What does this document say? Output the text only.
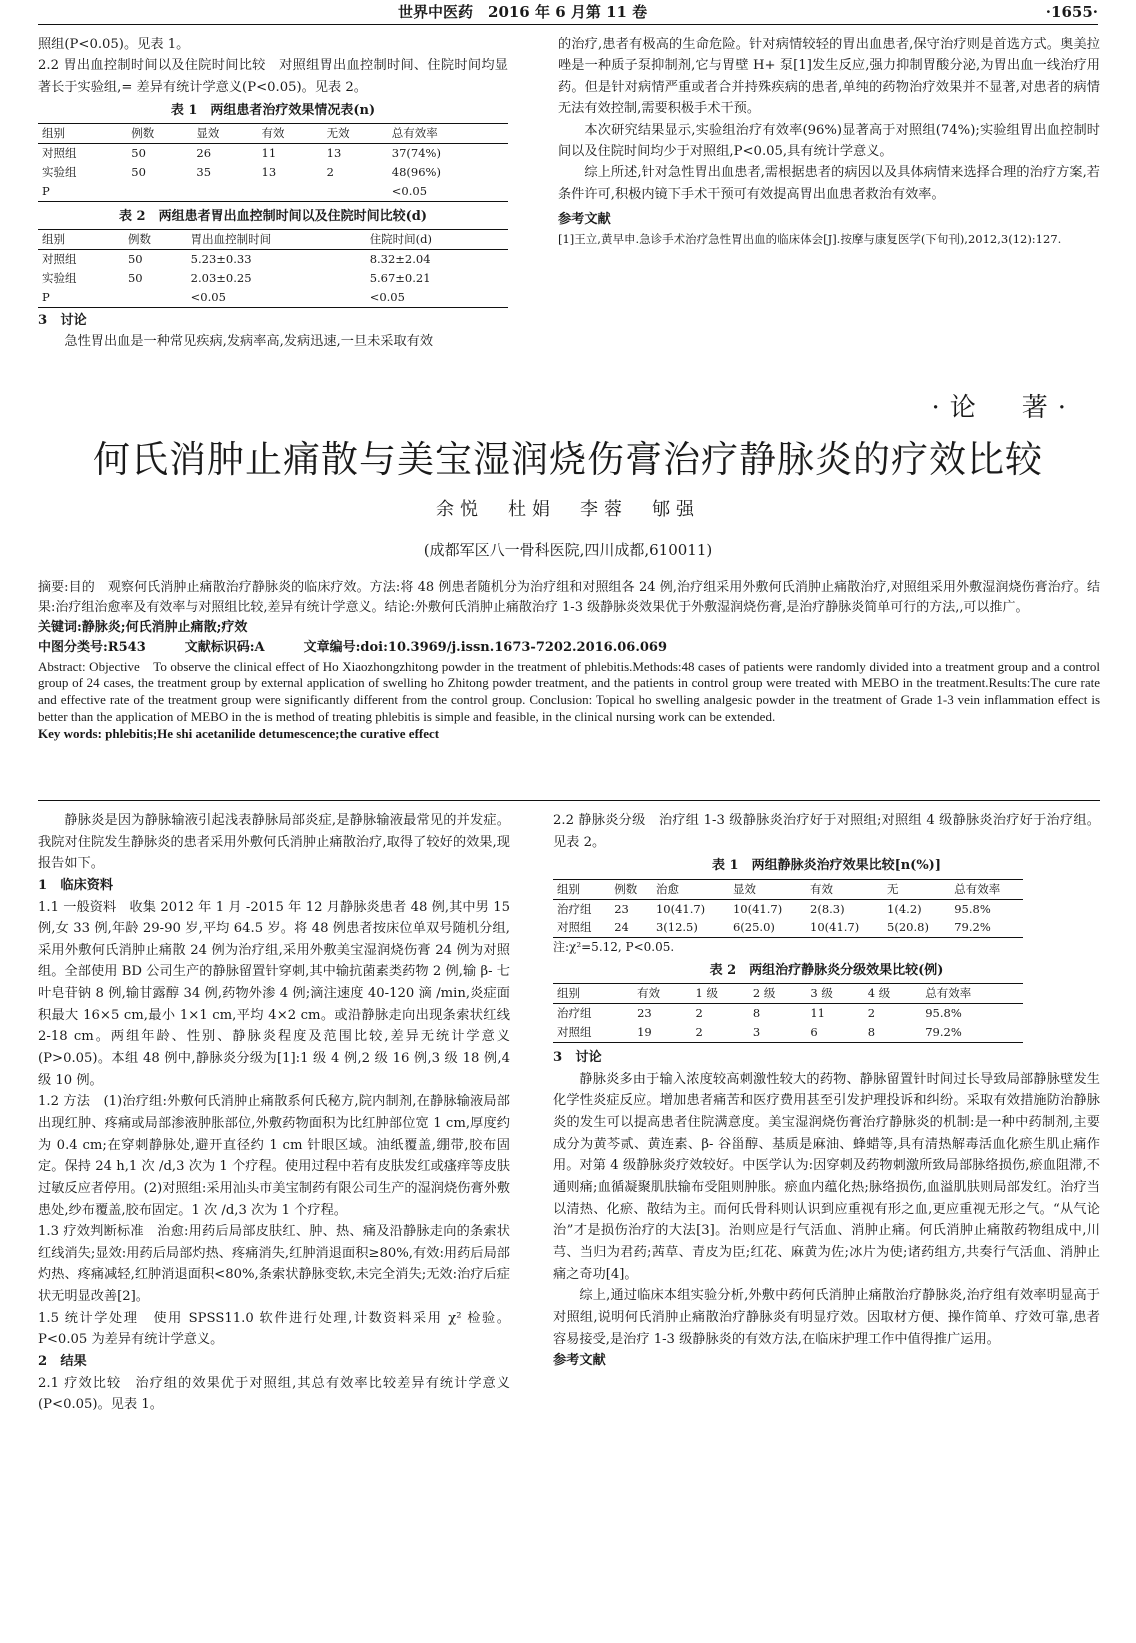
世界中医药　2016 年 6 月第 11 卷	·1655·

照组(P<0.05)。见表 1。

2.2 胃出血控制时间以及住院时间比较　对照组胃出血控制时间、住院时间均显著长于实验组,= 差异有统计学意义(P<0.05)。见表 2。

表 1　两组患者治疗效果情况表(n)
组别	例数	显效	有效	无效	总有效率
对照组	50	26	11	13	37(74%)
实验组	50	35	13	2	48(96%)
P					<0.05
表 2　两组患者胃出血控制时间以及住院时间比较(d)
组别	例数	胃出血控制时间	住院时间(d)
对照组	50	5.23±0.33	8.32±2.04
实验组	50	2.03±0.25	5.67±0.21
P		<0.05	<0.05

3　讨论

急性胃出血是一种常见疾病,发病率高,发病迅速,一旦未采取有效

的治疗,患者有极高的生命危险。针对病情较轻的胃出血患者,保守治疗则是首选方式。奥美拉唑是一种质子泵抑制剂,它与胃壁 H+ 泵[1]发生反应,强力抑制胃酸分泌,为胃出血一线治疗用药。但是针对病情严重或者合并持殊疾病的患者,单纯的药物治疗效果并不显著,对患者的病情无法有效控制,需要积极手术干预。

本次研究结果显示,实验组治疗有效率(96%)显著高于对照组(74%);实验组胃出血控制时间以及住院时间均少于对照组,P<0.05,具有统计学意义。

综上所述,针对急性胃出血患者,需根据患者的病因以及具体病情来选择合理的治疗方案,若条件许可,积极内镜下手术干预可有效提高胃出血患者救治有效率。

参考文献

[1]王立,黄早申.急诊手术治疗急性胃出血的临床体会[J].按摩与康复医学(下旬刊),2012,3(12):127.

·论　著·
何氏消肿止痛散与美宝湿润烧伤膏治疗静脉炎的疗效比较
余悦　杜娟　李蓉　郇强
(成都军区八一骨科医院,四川成都,610011)

摘要:目的　观察何氏消肿止痛散治疗静脉炎的临床疗效。方法:将 48 例患者随机分为治疗组和对照组各 24 例,治疗组采用外敷何氏消肿止痛散治疗,对照组采用外敷湿润烧伤膏治疗。结果:治疗组治愈率及有效率与对照组比较,差异有统计学意义。结论:外敷何氏消肿止痛散治疗 1-3 级静脉炎效果优于外敷湿润烧伤膏,是治疗静脉炎简单可行的方法,,可以推广。

关键词:静脉炎;何氏消肿止痛散;疗效

中图分类号:R543　　　文献标识码:A　　　文章编号:doi:10.3969/j.issn.1673-7202.2016.06.069

Abstract: Objective　To observe the clinical effect of Ho Xiaozhongzhitong powder in the treatment of phlebitis.Methods:48 cases of patients were randomly divided into a treatment group and a control group of 24 cases, the treatment group by external application of swelling ho Zhitong powder treatment, and the patients in control group were treated with MEBO in the treatment.Results:The cure rate and effective rate of the treatment group were significantly different from the control group. Conclusion: Topical ho swelling analgesic powder in the treatment of Grade 1-3 vein inflammation effect is better than the application of MEBO in the is method of treating phlebitis is simple and feasible, in the clinical nursing work can be extended.

Key words: phlebitis;He shi acetanilide detumescence;the curative effect

静脉炎是因为静脉输液引起浅表静脉局部炎症,是静脉输液最常见的并发症。我院对住院发生静脉炎的患者采用外敷何氏消肿止痛散治疗,取得了较好的效果,现报告如下。

1　临床资料

1.1 一般资料　收集 2012 年 1 月 -2015 年 12 月静脉炎患者 48 例,其中男 15 例,女 33 例,年龄 29-90 岁,平均 64.5 岁。将 48 例患者按床位单双号随机分组,采用外敷何氏消肿止痛散 24 例为治疗组,采用外敷美宝湿润烧伤膏 24 例为对照组。全部使用 BD 公司生产的静脉留置针穿刺,其中输抗菌素类药物 2 例,输 β- 七叶皂苷钠 8 例,输甘露醇 34 例,药物外渗 4 例;滴注速度 40-120 滴 /min,炎症面积最大 16×5 cm,最小 1×1 cm,平均 4×2 cm。或沿静脉走向出现条索状红线 2-18 cm。两组年龄、性别、静脉炎程度及范围比较,差异无统计学意义(P>0.05)。本组 48 例中,静脉炎分级为[1]:1 级 4 例,2 级 16 例,3 级 18 例,4 级 10 例。

1.2 方法　(1)治疗组:外敷何氏消肿止痛散系何氏秘方,院内制剂,在静脉输液局部出现红肿、疼痛或局部渗液肿胀部位,外敷药物面积为比红肿部位宽 1 cm,厚度约为 0.4 cm;在穿刺静脉处,避开直径约 1 cm 针眼区域。油纸覆盖,绷带,胶布固定。保持 24 h,1 次 /d,3 次为 1 个疗程。使用过程中若有皮肤发红或瘙痒等皮肤过敏反应者停用。(2)对照组:采用汕头市美宝制药有限公司生产的湿润烧伤膏外敷患处,纱布覆盖,胶布固定。1 次 /d,3 次为 1 个疗程。

1.3 疗效判断标准　治愈:用药后局部皮肤红、肿、热、痛及沿静脉走向的条索状红线消失;显效:用药后局部灼热、疼痛消失,红肿消退面积≥80%,有效:用药后局部灼热、疼痛减轻,红肿消退面积<80%,条索状静脉变软,未完全消失;无效:治疗后症状无明显改善[2]。

1.5 统计学处理　使用 SPSS11.0 软件进行处理,计数资料采用 χ² 检验。P<0.05 为差异有统计学意义。

2　结果

2.1 疗效比较　治疗组的效果优于对照组,其总有效率比较差异有统计学意义(P<0.05)。见表 1。

2.2 静脉炎分级　治疗组 1-3 级静脉炎治疗好于对照组;对照组 4 级静脉炎治疗好于治疗组。见表 2。

表 1　两组静脉炎治疗效果比较[n(%)]
组别	例数	治愈	显效	有效	无	总有效率
治疗组	23	10(41.7)	10(41.7)	2(8.3)	1(4.2)	95.8%
对照组	24	3(12.5)	6(25.0)	10(41.7)	5(20.8)	79.2%

注:χ²=5.12, P<0.05.

表 2　两组治疗静脉炎分级效果比较(例)
组别	有效	1 级	2 级	3 级	4 级	总有效率
治疗组	23	2	8	11	2	95.8%
对照组	19	2	3	6	8	79.2%

3　讨论

静脉炎多由于输入浓度较高刺激性较大的药物、静脉留置针时间过长导致局部静脉壁发生化学性炎症反应。增加患者痛苦和医疗费用甚至引发护理投诉和纠纷。采取有效措施防治静脉炎的发生可以提高患者住院满意度。美宝湿润烧伤膏治疗静脉炎的机制:是一种中药制剂,主要成分为黄芩贰、黄连素、β- 谷甾醇、基质是麻油、蜂蜡等,具有清热解毒活血化瘀生肌止痛作用。对第 4 级静脉炎疗效较好。中医学认为:因穿刺及药物刺激所致局部脉络损伤,瘀血阻滞,不通则痛;血循凝聚肌肤输布受阻则肿胀。瘀血内蕴化热;脉络损伤,血溢肌肤则局部发红。治疗当以清热、化瘀、散结为主。而何氏骨科则认识到应重视有形之血,更应重视无形之气。“从气论治”才是损伤治疗的大法[3]。治则应是行气活血、消肿止痛。何氏消肿止痛散药物组成中,川芎、当归为君药;茜草、青皮为臣;红花、麻黄为佐;冰片为使;诸药组方,共奏行气活血、消肿止痛之奇功[4]。

综上,通过临床本组实验分析,外敷中药何氏消肿止痛散治疗静脉炎,治疗组有效率明显高于对照组,说明何氏消肿止痛散治疗静脉炎有明显疗效。因取材方便、操作简单、疗效可靠,患者容易接受,是治疗 1-3 级静脉炎的有效方法,在临床护理工作中值得推广运用。

参考文献
